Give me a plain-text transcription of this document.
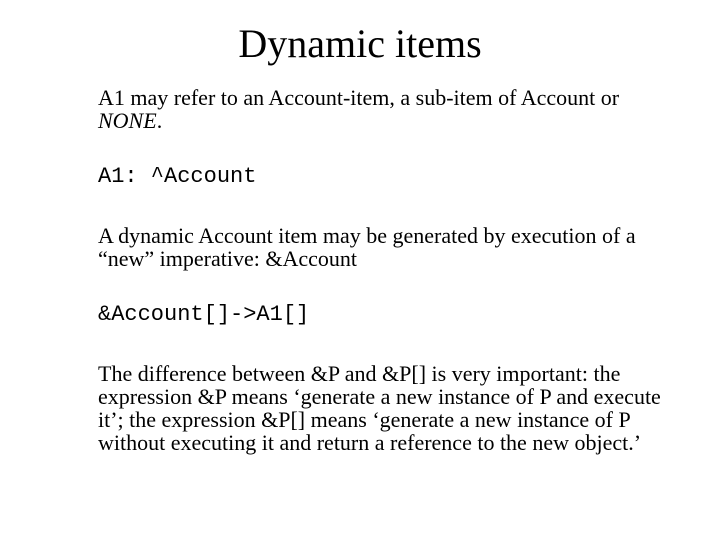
Dynamic items
A1 may refer to an Account-item, a sub-item of Account or NONE.
A1: ^Account
A dynamic Account item may be generated by execution of a “new” imperative: &Account
&Account[]->A1[]
The difference between &P and &P[] is very important: the expression &P means ‘generate a new instance of P and execute it’; the expression &P[] means ‘generate a new instance of P without executing it and return a reference to the new object.’
